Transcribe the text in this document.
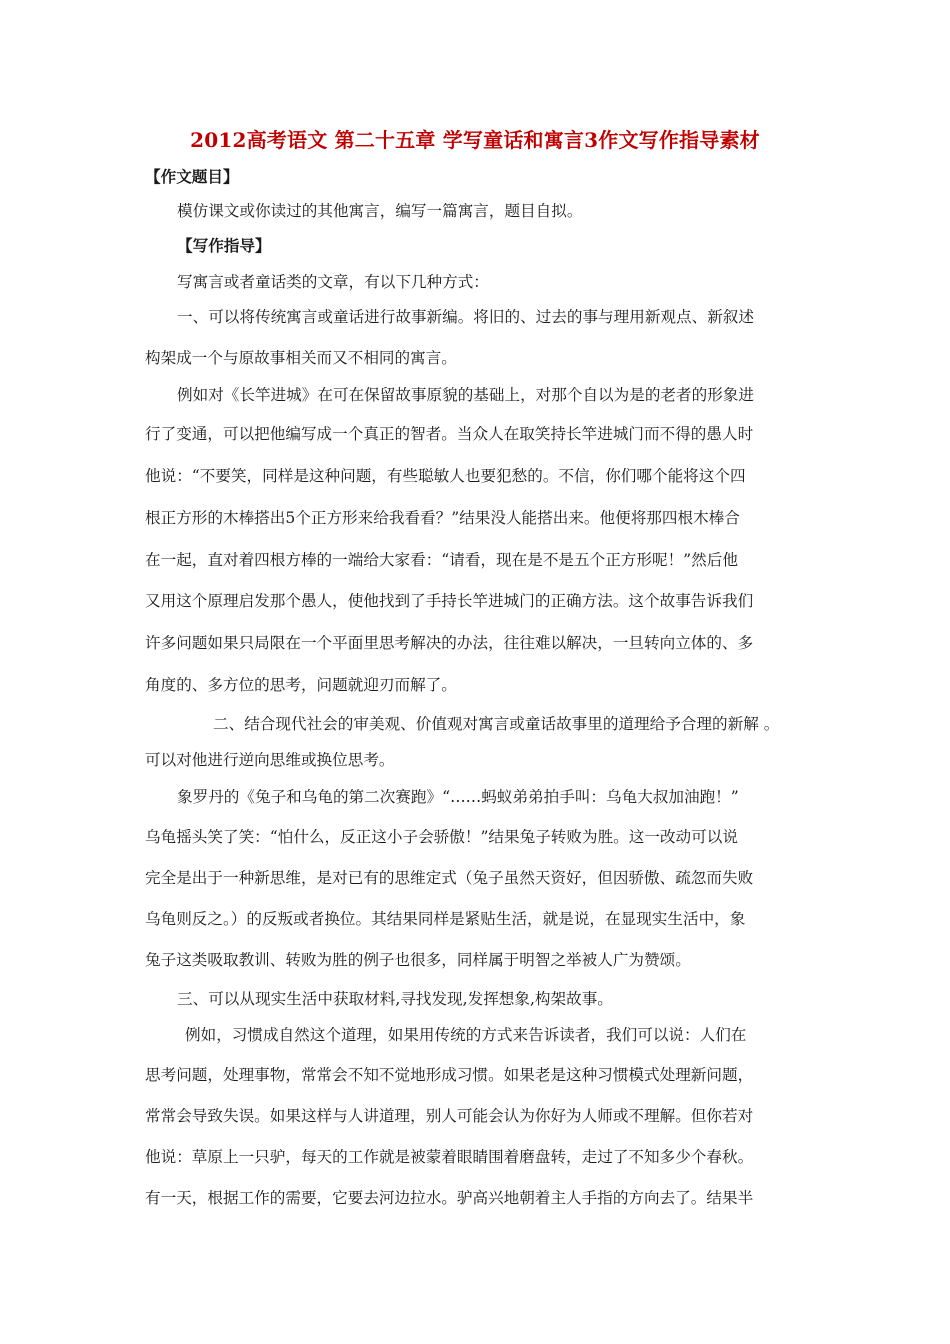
2012高考语文 第二十五章 学写童话和寓言3作文写作指导素材
【作文题目】
模仿课文或你读过的其他寓言，编写一篇寓言，题目自拟。
【写作指导】
写寓言或者童话类的文章，有以下几种方式：
一、可以将传统寓言或童话进行故事新编。将旧的、过去的事与理用新观点、新叙述
构架成一个与原故事相关而又不相同的寓言。
例如对《长竿进城》在可在保留故事原貌的基础上，对那个自以为是的老者的形象进
行了变通，可以把他编写成一个真正的智者。当众人在取笑持长竿进城门而不得的愚人时
他说：“不要笑，同样是这种问题，有些聪敏人也要犯愁的。不信，你们哪个能将这个四
根正方形的木棒搭出5个正方形来给我看看？”结果没人能搭出来。他便将那四根木棒合
在一起，直对着四根方棒的一端给大家看：“请看，现在是不是五个正方形呢！”然后他
又用这个原理启发那个愚人，使他找到了手持长竿进城门的正确方法。这个故事告诉我们
许多问题如果只局限在一个平面里思考解决的办法，往往难以解决，一旦转向立体的、多
角度的、多方位的思考，问题就迎刃而解了。
二、结合现代社会的审美观、价值观对寓言或童话故事里的道理给予合理的新解 。
可以对他进行逆向思维或换位思考。
象罗丹的《兔子和乌龟的第二次赛跑》“……蚂蚁弟弟拍手叫：乌龟大叔加油跑！”
乌龟摇头笑了笑：“怕什么，反正这小子会骄傲！”结果兔子转败为胜。这一改动可以说
完全是出于一种新思维，是对已有的思维定式（兔子虽然天资好，但因骄傲、疏忽而失败
乌龟则反之。）的反叛或者换位。其结果同样是紧贴生活，就是说，在显现实生活中，象
兔子这类吸取教训、转败为胜的例子也很多，同样属于明智之举被人广为赞颂。
三、可以从现实生活中获取材料,寻找发现,发挥想象,构架故事。
例如，习惯成自然这个道理，如果用传统的方式来告诉读者，我们可以说：人们在
思考问题，处理事物，常常会不知不觉地形成习惯。如果老是这种习惯模式处理新问题，
常常会导致失误。如果这样与人讲道理，别人可能会认为你好为人师或不理解。但你若对
他说：草原上一只驴，每天的工作就是被蒙着眼睛围着磨盘转，走过了不知多少个春秋。
有一天，根据工作的需要，它要去河边拉水。驴高兴地朝着主人手指的方向去了。结果半
